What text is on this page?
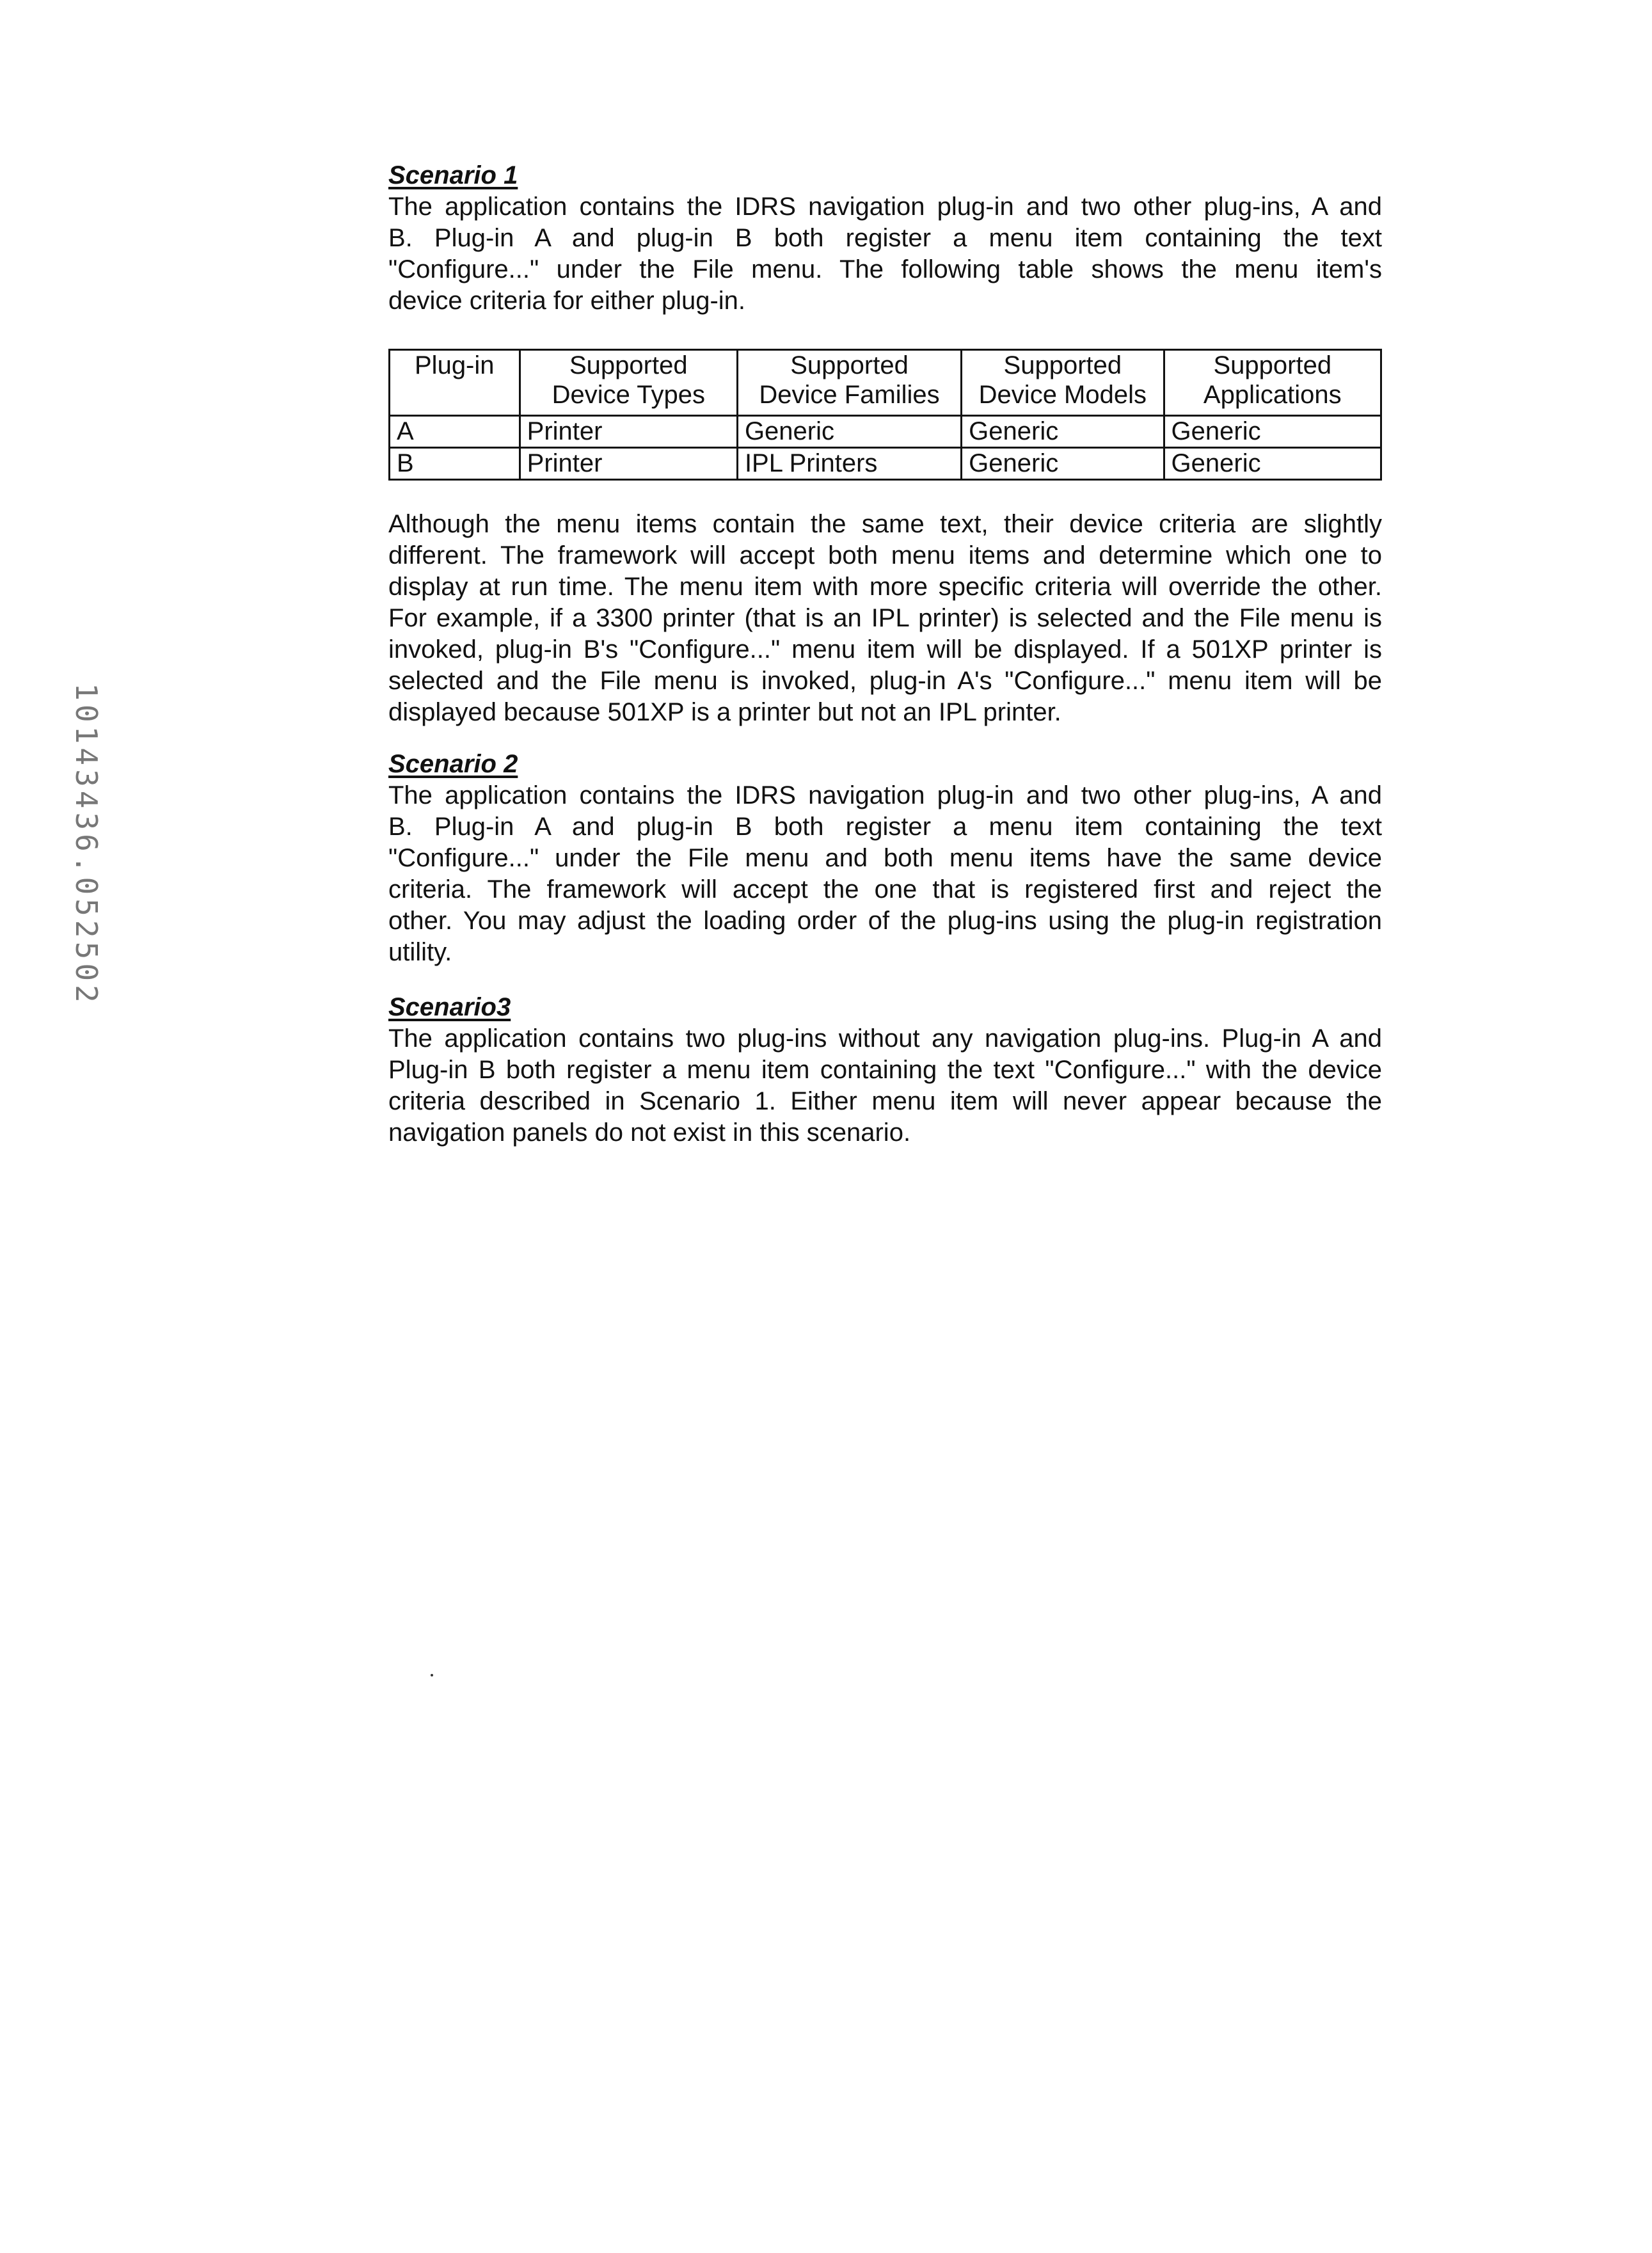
10143436.052502
Scenario 1
The application contains the IDRS navigation plug-in and two other plug-ins, A and
B. Plug-in A and plug-in B both register a menu item containing the text
"Configure..." under the File menu. The following table shows the menu item's
device criteria for either plug-in.
Plug-in	Supported
Device Types	Supported
Device Families	Supported
Device Models	Supported
Applications
A	Printer	Generic	Generic	Generic
B	Printer	IPL Printers	Generic	Generic
Although the menu items contain the same text, their device criteria are slightly
different. The framework will accept both menu items and determine which one to
display at run time. The menu item with more specific criteria will override the other.
For example, if a 3300 printer (that is an IPL printer) is selected and the File menu is
invoked, plug-in B's "Configure..." menu item will be displayed. If a 501XP printer is
selected and the File menu is invoked, plug-in A's "Configure..." menu item will be
displayed because 501XP is a printer but not an IPL printer.
Scenario 2
The application contains the IDRS navigation plug-in and two other plug-ins, A and
B. Plug-in A and plug-in B both register a menu item containing the text
"Configure..." under the File menu and both menu items have the same device
criteria. The framework will accept the one that is registered first and reject the
other. You may adjust the loading order of the plug-ins using the plug-in registration
utility.
Scenario3
The application contains two plug-ins without any navigation plug-ins. Plug-in A and
Plug-in B both register a menu item containing the text "Configure..." with the device
criteria described in Scenario 1. Either menu item will never appear because the
navigation panels do not exist in this scenario.
